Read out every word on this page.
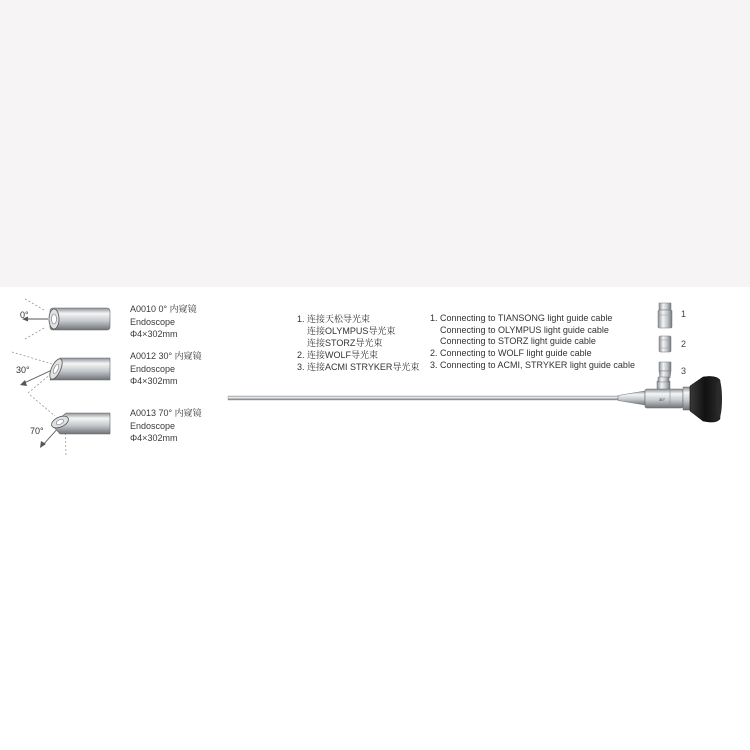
30°
0°
30°
70°
A0010 0° 内窥镜
Endoscope
Φ4×302mm
A0012 30° 内窥镜
Endoscope
Φ4×302mm
A0013 70° 内窥镜
Endoscope
Φ4×302mm
1. 连接天松导光束
连接OLYMPUS导光束
连接STORZ导光束
2. 连接WOLF导光束
3. 连接ACMI STRYKER导光束
1. Connecting to TIANSONG light guide cable
Connecting to OLYMPUS light guide cable
Connecting to STORZ light guide cable
2. Connecting to WOLF light guide cable
3. Connecting to ACMI, STRYKER light guide cable
1
2
3
